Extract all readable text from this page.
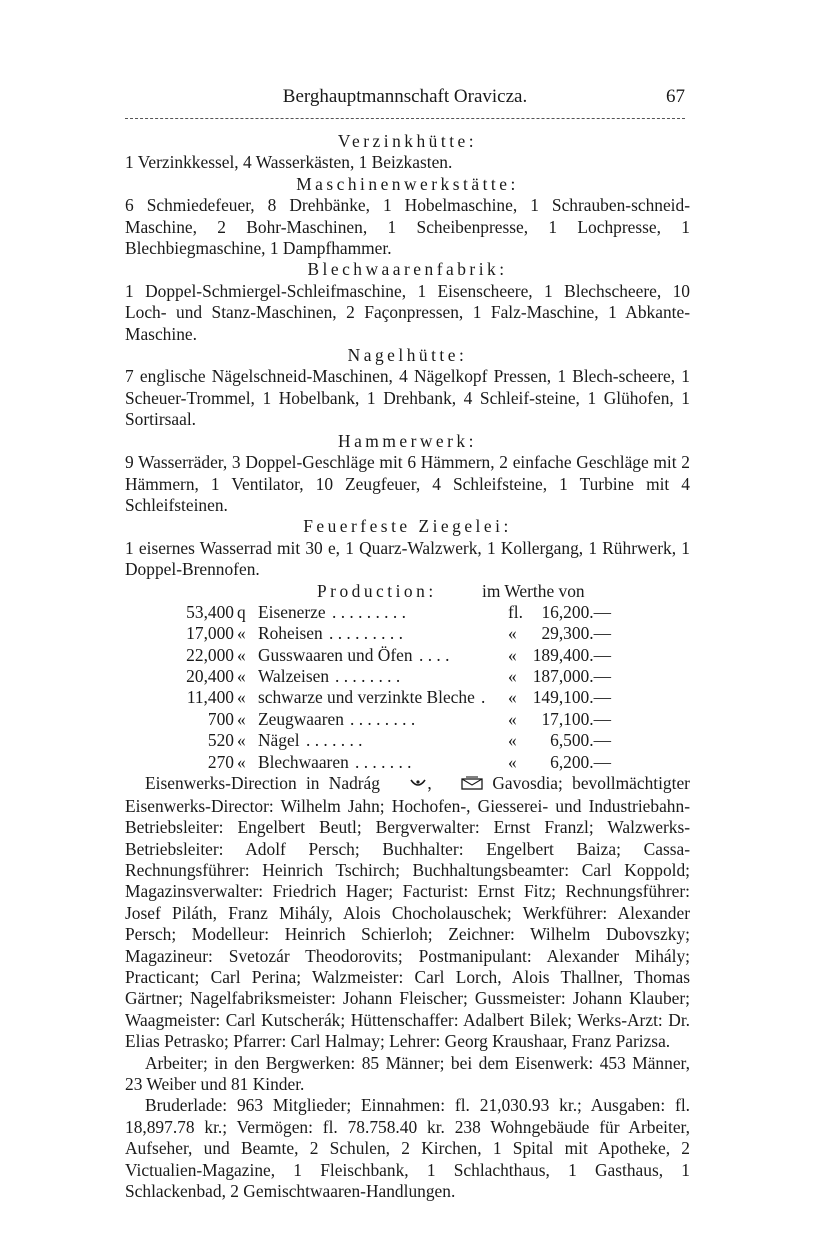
Berghauptmannschaft Oravicza.	67

Verzinkhütte:

1 Verzinkkessel, 4 Wasserkästen, 1 Beizkasten.

Maschinenwerkstätte:

6 Schmiedefeuer, 8 Drehbänke, 1 Hobelmaschine, 1 Schrauben-schneid-Maschine, 2 Bohr-Maschinen, 1 Scheibenpresse, 1 Lochpresse, 1 Blechbiegmaschine, 1 Dampfhammer.

Blechwaarenfabrik:

1 Doppel-Schmiergel-Schleifmaschine, 1 Eisenscheere, 1 Blechscheere, 10 Loch- und Stanz-Maschinen, 2 Façonpressen, 1 Falz-Maschine, 1 Abkante-Maschine.

Nagelhütte:

7 englische Nägelschneid-Maschinen, 4 Nägelkopf Pressen, 1 Blech-scheere, 1 Scheuer-Trommel, 1 Hobelbank, 1 Drehbank, 4 Schleif-steine, 1 Glühofen, 1 Sortirsaal.

Hammerwerk:

9 Wasserräder, 3 Doppel-Geschläge mit 6 Hämmern, 2 einfache Geschläge mit 2 Hämmern, 1 Ventilator, 10 Zeugfeuer, 4 Schleifsteine, 1 Turbine mit 4 Schleifsteinen.

Feuerfeste Ziegelei:

1 eisernes Wasserrad mit 30 e, 1 Quarz-Walzwerk, 1 Kollergang, 1 Rührwerk, 1 Doppel-Brennofen.

Production:	im Werthe von
53,400 q Eisenerze . . . . . . . . .	fl.	16,200.—
17,000 « Roheisen . . . . . . . . .	«	29,300.—
22,000 « Gusswaaren und Öfen . . . .	« 189,400.—
20,400 « Walzeisen . . . . . . . .	« 187,000.—
11,400 « schwarze und verzinkte Bleche . « 149,100.—
700 « Zeugwaaren . . . . . . . .	«	17,100.—
520 « Nägel . . . . . . .	«	6,500.—
270 « Blechwaaren . . . . . . .	«	6,200.—

Eisenwerks-Direction in Nadrág	,	Gavosdia; bevollmächtigter Eisenwerks-Director: Wilhelm Jahn; Hochofen-, Giesserei- und Industriebahn-Betriebsleiter: Engelbert Beutl; Bergverwalter: Ernst Franzl; Walzwerks-Betriebsleiter: Adolf Persch; Buchhalter: Engelbert Baiza; Cassa-Rechnungsführer: Heinrich Tschirch; Buchhaltungsbeamter: Carl Koppold; Magazinsverwalter: Friedrich Hager; Facturist: Ernst Fitz; Rechnungsführer: Josef Piláth, Franz Mihály, Alois Chocholauschek; Werkführer: Alexander Persch; Modelleur: Heinrich Schierloh; Zeichner: Wilhelm Dubovszky; Magazineur: Svetozár Theodorovits; Postmanipulant: Alexander Mihály; Practicant; Carl Perina; Walzmeister: Carl Lorch, Alois Thallner, Thomas Gärtner; Nagelfabriksmeister: Johann Fleischer; Gussmeister: Johann Klauber; Waagmeister: Carl Kutscherák; Hüttenschaffer: Adalbert Bilek; Werks-Arzt: Dr. Elias Petrasko; Pfarrer: Carl Halmay; Lehrer: Georg Kraushaar, Franz Parizsa.

Arbeiter; in den Bergwerken: 85 Männer; bei dem Eisenwerk: 453 Männer, 23 Weiber und 81 Kinder.

Bruderlade: 963 Mitglieder; Einnahmen: fl. 21,030.93 kr.; Ausgaben: fl. 18,897.78 kr.; Vermögen: fl. 78.758.40 kr. 238 Wohngebäude für Arbeiter, Aufseher, und Beamte, 2 Schulen, 2 Kirchen, 1 Spital mit Apotheke, 2 Victualien-Magazine, 1 Fleischbank, 1 Schlachthaus, 1 Gasthaus, 1 Schlackenbad, 2 Gemischtwaaren-Handlungen.
